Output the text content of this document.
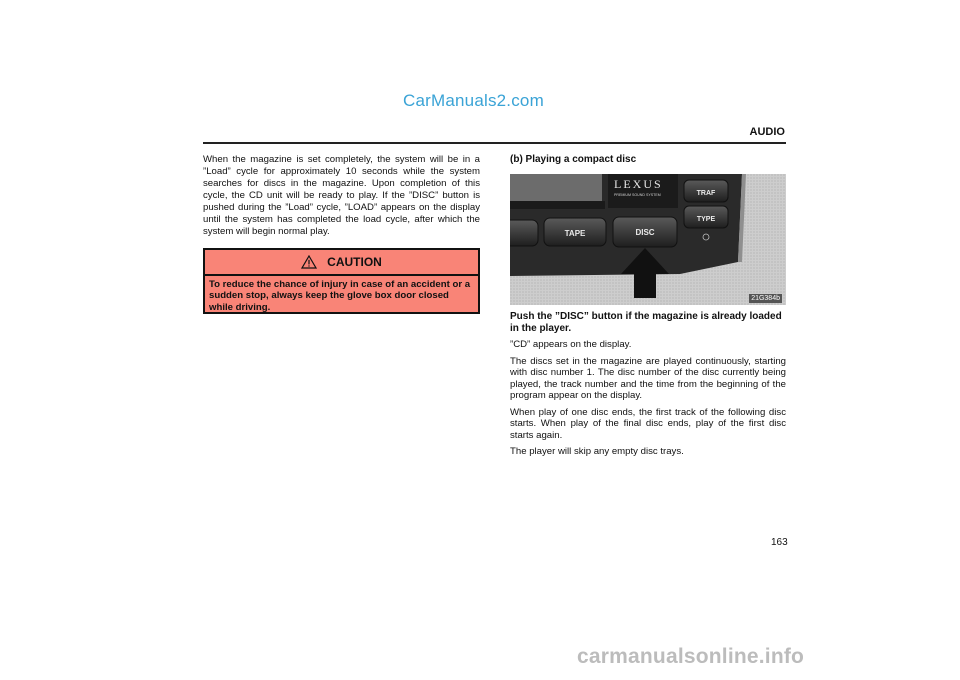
CarManuals2.com
AUDIO
When the magazine is set completely, the system will be in a ”Load” cycle for approximately 10 seconds while the system searches for discs in the magazine. Upon completion of this cycle, the CD unit will be ready to play. If the ”DISC” button is pushed during the ”Load” cycle, ”LOAD” appears on the display until the system has completed the load cycle, after which the system will begin normal play.
CAUTION
To reduce the chance of injury in case of an accident or a sudden stop, always keep the glove box door closed while driving.
(b) Playing a compact disc
LEXUS
PREMIUM SOUND SYSTEM
TAPE	DISC
TRAF
TYPE
21G384b
Push the ”DISC” button if the magazine is already loaded in the player.

”CD” appears on the display.

The discs set in the magazine are played continuously, starting with disc number 1. The disc number of the disc currently being played, the track number and the time from the beginning of the program appear on the display.

When play of one disc ends, the first track of the following disc starts. When play of the final disc ends, play of the first disc starts again.

The player will skip any empty disc trays.

163
carmanualsonline.info
